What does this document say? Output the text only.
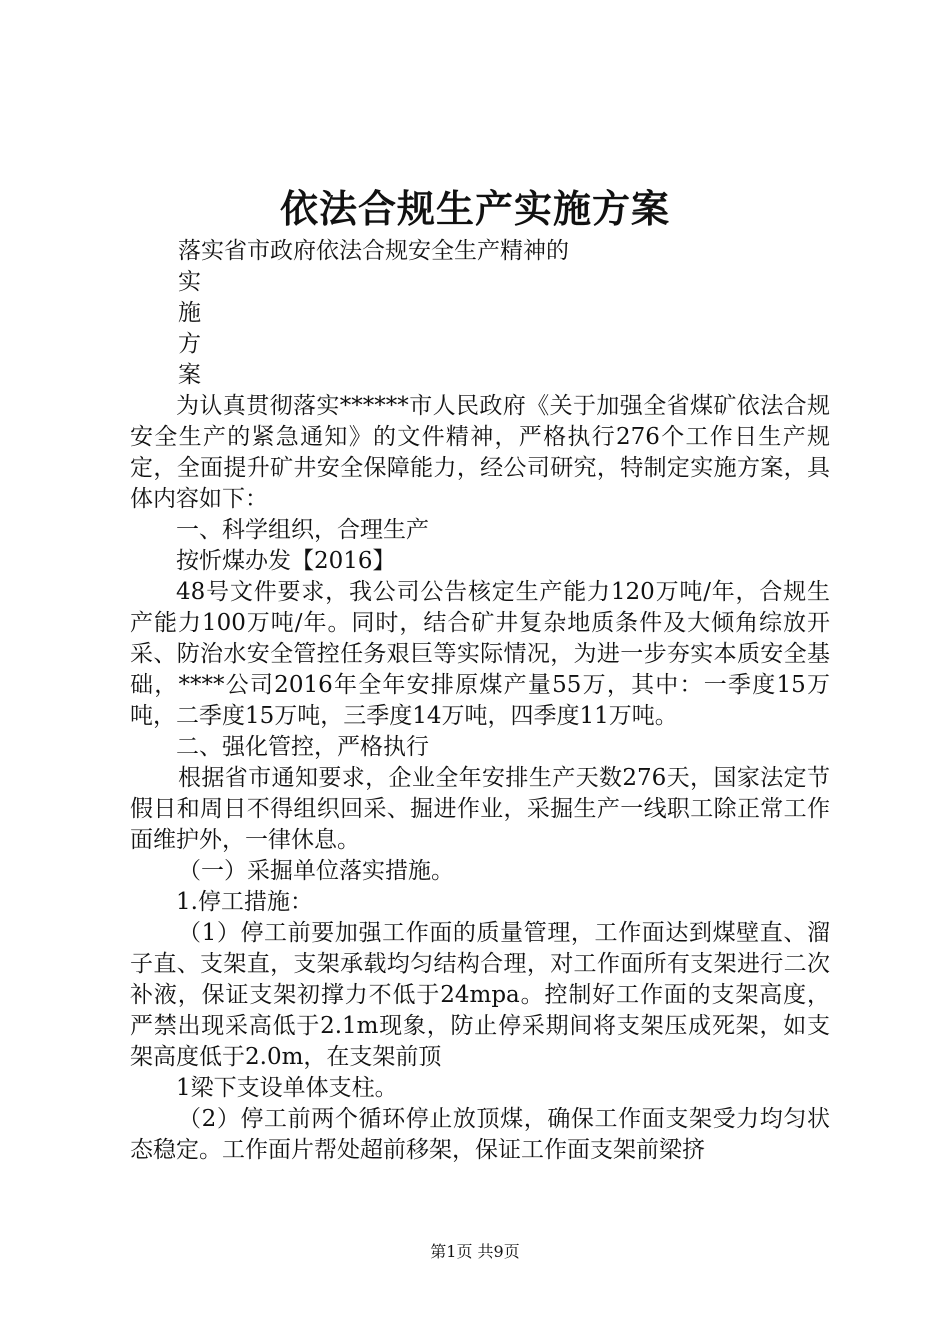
依法合规生产实施方案

落实省市政府依法合规安全生产精神的

实

施

方

案

为认真贯彻落实******市人民政府《关于加强全省煤矿依法合规安全生产的紧急通知》的文件精神，严格执行276个工作日生产规定，全面提升矿井安全保障能力，经公司研究，特制定实施方案，具体内容如下：

一、科学组织，合理生产

按忻煤办发【2016】

48号文件要求，我公司公告核定生产能力120万吨/年，合规生产能力100万吨/年。同时，结合矿井复杂地质条件及大倾角综放开采、防治水安全管控任务艰巨等实际情况，为进一步夯实本质安全基础，****公司2016年全年安排原煤产量55万，其中：一季度15万吨，二季度15万吨，三季度14万吨，四季度11万吨。

二、强化管控，严格执行

根据省市通知要求，企业全年安排生产天数276天，国家法定节假日和周日不得组织回采、掘进作业，采掘生产一线职工除正常工作面维护外，一律休息。

（一）采掘单位落实措施。

1.停工措施：

（1）停工前要加强工作面的质量管理，工作面达到煤壁直、溜子直、支架直，支架承载均匀结构合理，对工作面所有支架进行二次补液，保证支架初撑力不低于24mpa。控制好工作面的支架高度，严禁出现采高低于2.1m现象，防止停采期间将支架压成死架，如支架高度低于2.0m，在支架前顶

1梁下支设单体支柱。

（2）停工前两个循环停止放顶煤，确保工作面支架受力均匀状态稳定。工作面片帮处超前移架，保证工作面支架前梁挤

第1页 共9页
